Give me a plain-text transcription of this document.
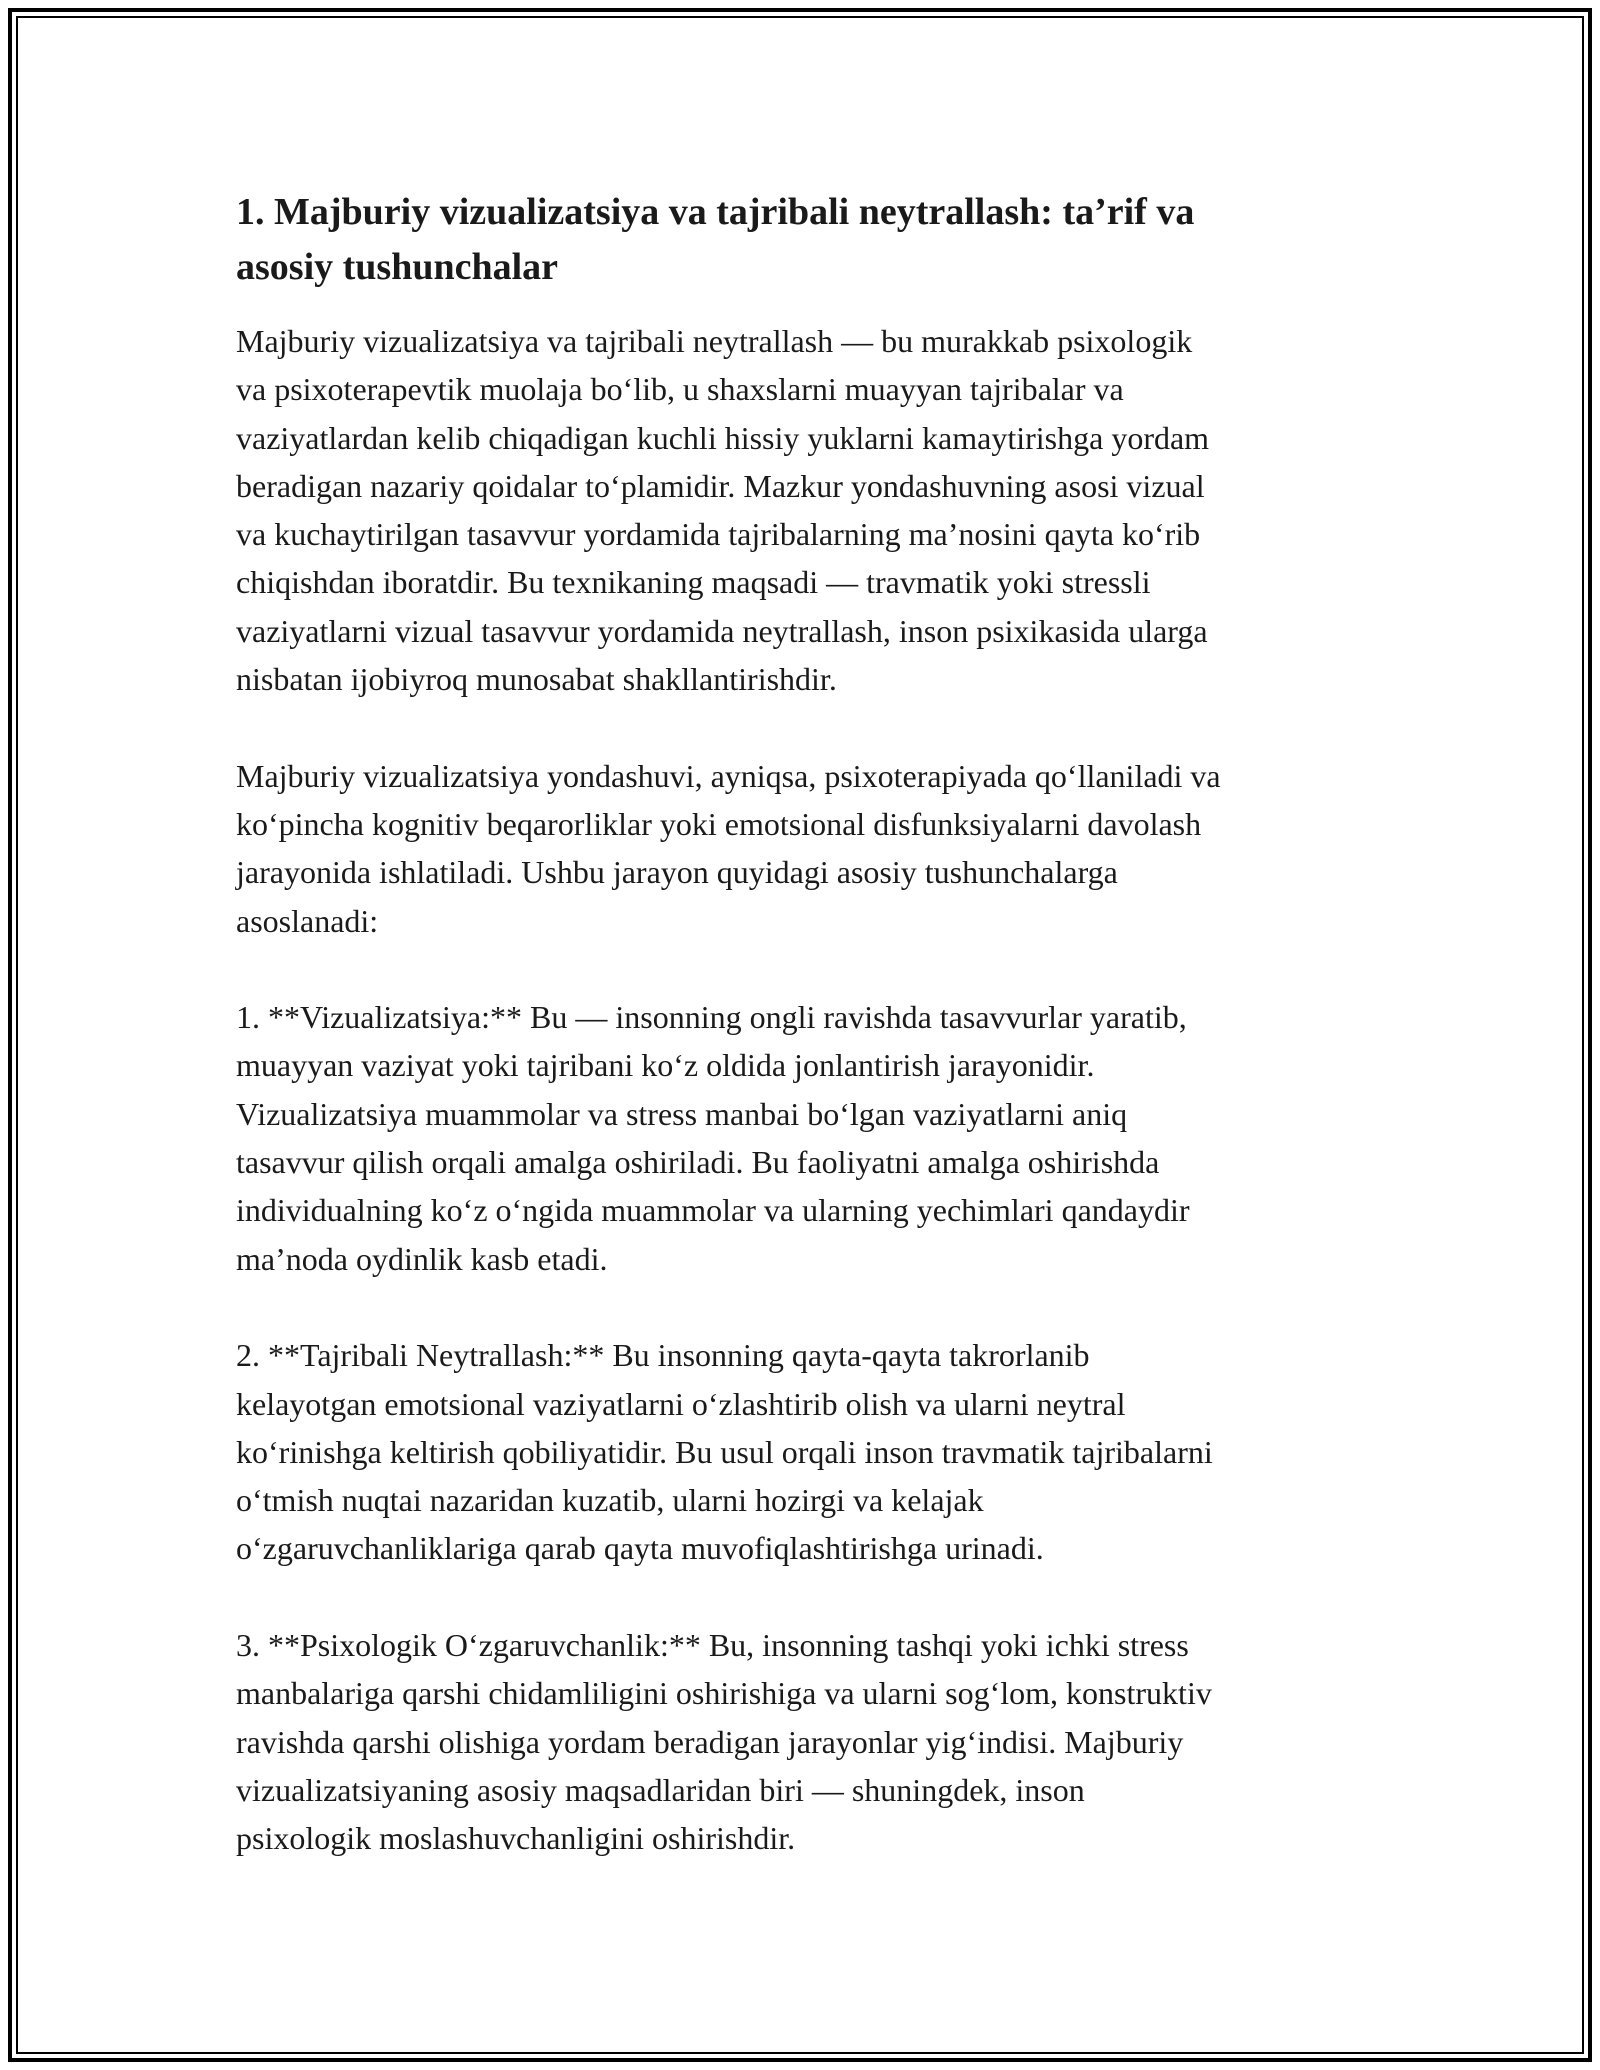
1. Majburiy vizualizatsiya va tajribali neytrallash: ta’rif va
asosiy tushunchalar

Majburiy vizualizatsiya va tajribali neytrallash — bu murakkab psixologik
va psixoterapevtik muolaja bo‘lib, u shaxslarni muayyan tajribalar va
vaziyatlardan kelib chiqadigan kuchli hissiy yuklarni kamaytirishga yordam
beradigan nazariy qoidalar to‘plamidir. Mazkur yondashuvning asosi vizual
va kuchaytirilgan tasavvur yordamida tajribalarning ma’nosini qayta ko‘rib
chiqishdan iboratdir. Bu texnikaning maqsadi — travmatik yoki stressli
vaziyatlarni vizual tasavvur yordamida neytrallash, inson psixikasida ularga
nisbatan ijobiyroq munosabat shakllantirishdir.

Majburiy vizualizatsiya yondashuvi, ayniqsa, psixoterapiyada qo‘llaniladi va
ko‘pincha kognitiv beqarorliklar yoki emotsional disfunksiyalarni davolash
jarayonida ishlatiladi. Ushbu jarayon quyidagi asosiy tushunchalarga
asoslanadi:

1. **Vizualizatsiya:** Bu — insonning ongli ravishda tasavvurlar yaratib,
muayyan vaziyat yoki tajribani ko‘z oldida jonlantirish jarayonidir.
Vizualizatsiya muammolar va stress manbai bo‘lgan vaziyatlarni aniq
tasavvur qilish orqali amalga oshiriladi. Bu faoliyatni amalga oshirishda
individualning ko‘z o‘ngida muammolar va ularning yechimlari qandaydir
ma’noda oydinlik kasb etadi.

2. **Tajribali Neytrallash:** Bu insonning qayta-qayta takrorlanib
kelayotgan emotsional vaziyatlarni o‘zlashtirib olish va ularni neytral
ko‘rinishga keltirish qobiliyatidir. Bu usul orqali inson travmatik tajribalarni
o‘tmish nuqtai nazaridan kuzatib, ularni hozirgi va kelajak
o‘zgaruvchanliklariga qarab qayta muvofiqlashtirishga urinadi.

3. **Psixologik O‘zgaruvchanlik:** Bu, insonning tashqi yoki ichki stress
manbalariga qarshi chidamliligini oshirishiga va ularni sog‘lom, konstruktiv
ravishda qarshi olishiga yordam beradigan jarayonlar yig‘indisi. Majburiy
vizualizatsiyaning asosiy maqsadlaridan biri — shuningdek, inson
psixologik moslashuvchanligini oshirishdir.
